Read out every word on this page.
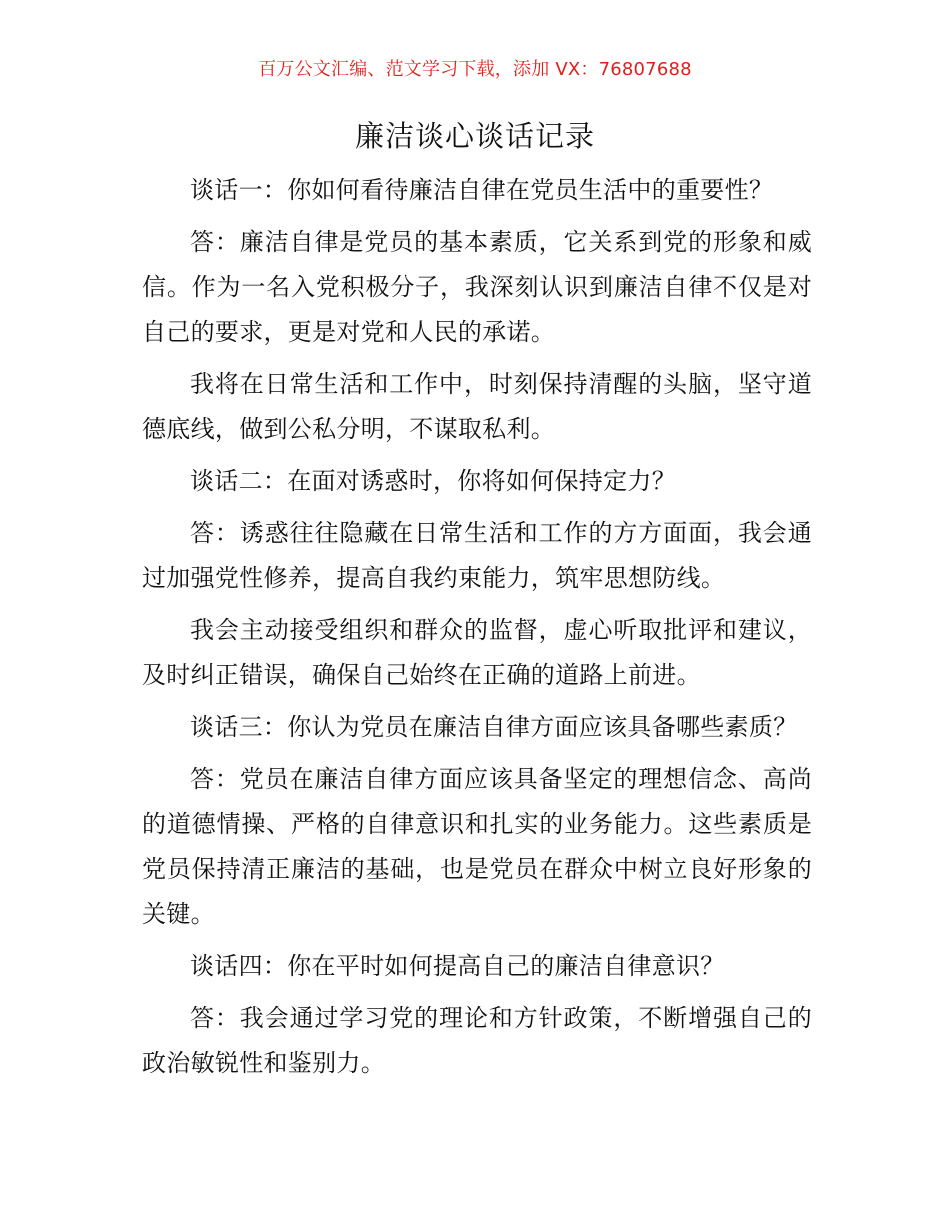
百万公文汇编、范文学习下载，添加 VX：76807688
廉洁谈心谈话记录

谈话一：你如何看待廉洁自律在党员生活中的重要性？

答：廉洁自律是党员的基本素质，它关系到党的形象和威信。作为一名入党积极分子，我深刻认识到廉洁自律不仅是对自己的要求，更是对党和人民的承诺。

我将在日常生活和工作中，时刻保持清醒的头脑，坚守道德底线，做到公私分明，不谋取私利。

谈话二：在面对诱惑时，你将如何保持定力？

答：诱惑往往隐藏在日常生活和工作的方方面面，我会通过加强党性修养，提高自我约束能力，筑牢思想防线。

我会主动接受组织和群众的监督，虚心听取批评和建议，及时纠正错误，确保自己始终在正确的道路上前进。

谈话三：你认为党员在廉洁自律方面应该具备哪些素质？

答：党员在廉洁自律方面应该具备坚定的理想信念、高尚的道德情操、严格的自律意识和扎实的业务能力。这些素质是党员保持清正廉洁的基础，也是党员在群众中树立良好形象的关键。

谈话四：你在平时如何提高自己的廉洁自律意识？

答：我会通过学习党的理论和方针政策，不断增强自己的政治敏锐性和鉴别力。
